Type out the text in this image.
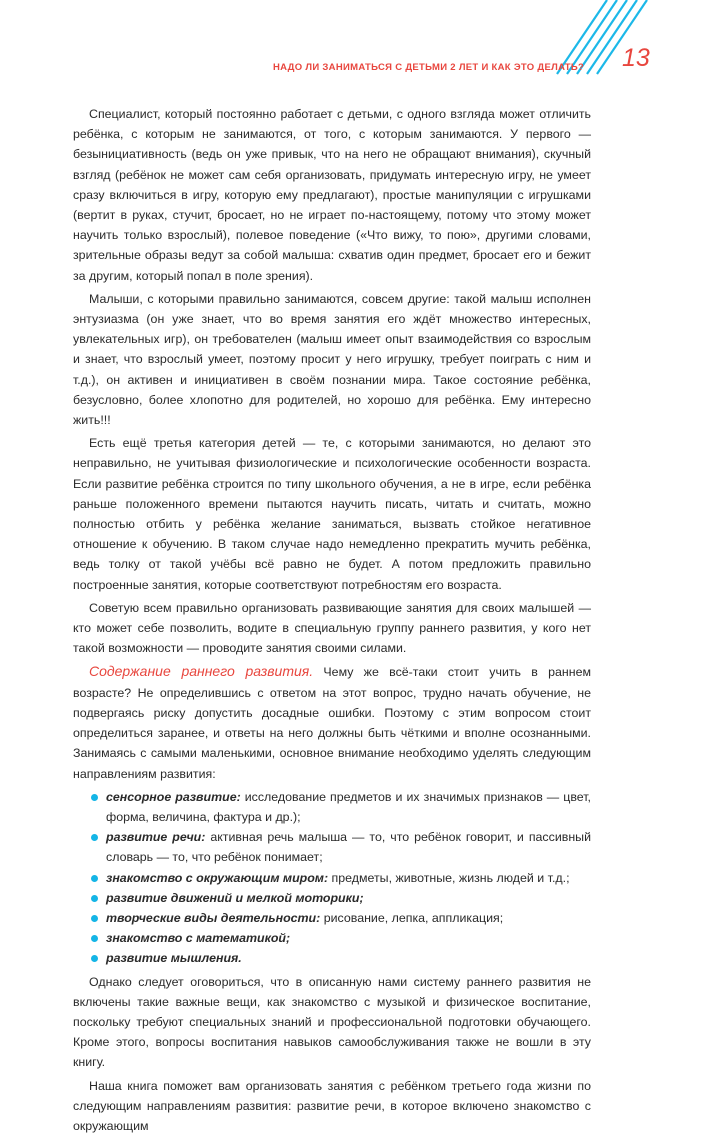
НАДО ЛИ ЗАНИМАТЬСЯ С ДЕТЬМИ 2 ЛЕТ И КАК ЭТО ДЕЛАТЬ? 13

Специалист, который постоянно работает с детьми, с одного взгляда может отличить ребёнка, с которым не занимаются, от того, с которым занимаются. У первого — безынициативность (ведь он уже привык, что на него не обращают внимания), скучный взгляд (ребёнок не может сам себя организовать, придумать интересную игру, не умеет сразу включиться в игру, которую ему предлагают), простые манипуляции с игрушками (вертит в руках, стучит, бросает, но не играет по-настоящему, потому что этому может научить только взрослый), полевое поведение («Что вижу, то пою», другими словами, зрительные образы ведут за собой малыша: схватив один предмет, бросает его и бежит за другим, который попал в поле зрения).

Малыши, с которыми правильно занимаются, совсем другие: такой малыш исполнен энтузиазма (он уже знает, что во время занятия его ждёт множество интересных, увлекательных игр), он требователен (малыш имеет опыт взаимодействия со взрослым и знает, что взрослый умеет, поэтому просит у него игрушку, требует поиграть с ним и т.д.), он активен и инициативен в своём познании мира. Такое состояние ребёнка, безусловно, более хлопотно для родителей, но хорошо для ребёнка. Ему интересно жить!!!

Есть ещё третья категория детей — те, с которыми занимаются, но делают это неправильно, не учитывая физиологические и психологические особенности возраста. Если развитие ребёнка строится по типу школьного обучения, а не в игре, если ребёнка раньше положенного времени пытаются научить писать, читать и считать, можно полностью отбить у ребёнка желание заниматься, вызвать стойкое негативное отношение к обучению. В таком случае надо немедленно прекратить мучить ребёнка, ведь толку от такой учёбы всё равно не будет. А потом предложить правильно построенные занятия, которые соответствуют потребностям его возраста.

Советую всем правильно организовать развивающие занятия для своих малышей — кто может себе позволить, водите в специальную группу раннего развития, у кого нет такой возможности — проводите занятия своими силами.

Содержание раннего развития. Чему же всё-таки стоит учить в раннем возрасте? Не определившись с ответом на этот вопрос, трудно начать обучение, не подвергаясь риску допустить досадные ошибки. Поэтому с этим вопросом стоит определиться заранее, и ответы на него должны быть чёткими и вполне осознанными. Занимаясь с самыми маленькими, основное внимание необходимо уделять следующим направлениям развития:

сенсорное развитие: исследование предметов и их значимых признаков — цвет, форма, величина, фактура и др.);
развитие речи: активная речь малыша — то, что ребёнок говорит, и пассивный словарь — то, что ребёнок понимает;
знакомство с окружающим миром: предметы, животные, жизнь людей и т.д.;
развитие движений и мелкой моторики;
творческие виды деятельности: рисование, лепка, аппликация;
знакомство с математикой;
развитие мышления.

Однако следует оговориться, что в описанную нами систему раннего развития не включены такие важные вещи, как знакомство с музыкой и физическое воспитание, поскольку требуют специальных знаний и профессиональной подготовки обучающего. Кроме этого, вопросы воспитания навыков самообслуживания также не вошли в эту книгу.

Наша книга поможет вам организовать занятия с ребёнком третьего года жизни по следующим направлениям развития: развитие речи, в которое включено знакомство с окружающим
